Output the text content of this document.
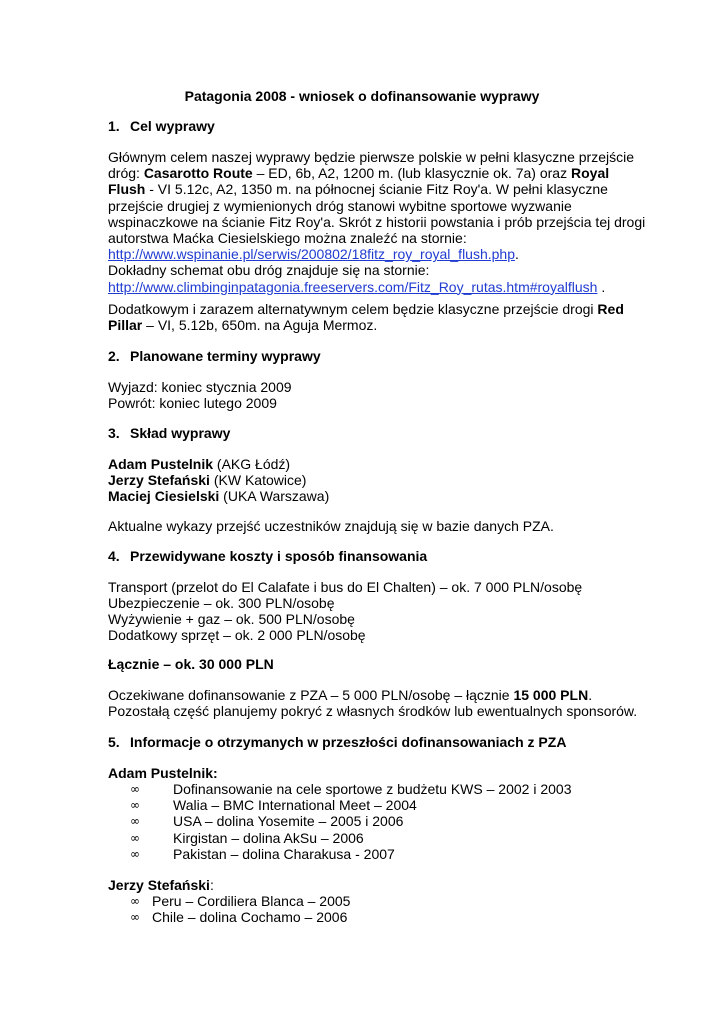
Patagonia 2008 - wniosek o dofinansowanie wyprawy
1. Cel wyprawy
Głównym celem naszej wyprawy będzie pierwsze polskie w pełni klasyczne przejście dróg: Casarotto Route – ED, 6b, A2, 1200 m. (lub klasycznie ok. 7a) oraz Royal Flush - VI 5.12c, A2, 1350 m. na północnej ścianie Fitz Roy'a. W pełni klasyczne przejście drugiej z wymienionych dróg stanowi wybitne sportowe wyzwanie wspinaczkowe na ścianie Fitz Roy'a. Skrót z historii powstania i prób przejścia tej drogi autorstwa Maćka Ciesielskiego można znaleźć na stornie:
http://www.wspinanie.pl/serwis/200802/18fitz_roy_royal_flush.php.
Dokładny schemat obu dróg znajduje się na stornie:
http://www.climbinginpatagonia.freeservers.com/Fitz_Roy_rutas.htm#royalflush .
Dodatkowym i zarazem alternatywnym celem będzie klasyczne przejście drogi Red Pillar – VI, 5.12b, 650m. na Aguja Mermoz.
2. Planowane terminy wyprawy
Wyjazd: koniec stycznia 2009
Powrót: koniec lutego 2009
3. Skład wyprawy
Adam Pustelnik (AKG Łódź)
Jerzy Stefański (KW Katowice)
Maciej Ciesielski (UKA Warszawa)
Aktualne wykazy przejść uczestników znajdują się w bazie danych PZA.
4. Przewidywane koszty i sposób finansowania
Transport (przelot do El Calafate i bus do El Chalten) – ok. 7 000 PLN/osobę
Ubezpieczenie – ok. 300 PLN/osobę
Wyżywienie + gaz – ok. 500 PLN/osobę
Dodatkowy sprzęt – ok. 2 000 PLN/osobę
Łącznie – ok. 30 000 PLN
Oczekiwane dofinansowanie z PZA – 5 000 PLN/osobę – łącznie 15 000 PLN. Pozostałą część planujemy pokryć z własnych środków lub ewentualnych sponsorów.
5. Informacje o otrzymanych w przeszłości dofinansowaniach z PZA
Adam Pustelnik:
∞ Dofinansowanie na cele sportowe z budżetu KWS – 2002 i 2003
∞ Walia – BMC International Meet – 2004
∞ USA – dolina Yosemite – 2005 i 2006
∞ Kirgistan – dolina AkSu – 2006
∞ Pakistan – dolina Charakusa - 2007
Jerzy Stefański:
∞ Peru – Cordiliera Blanca – 2005
∞ Chile – dolina Cochamo – 2006
